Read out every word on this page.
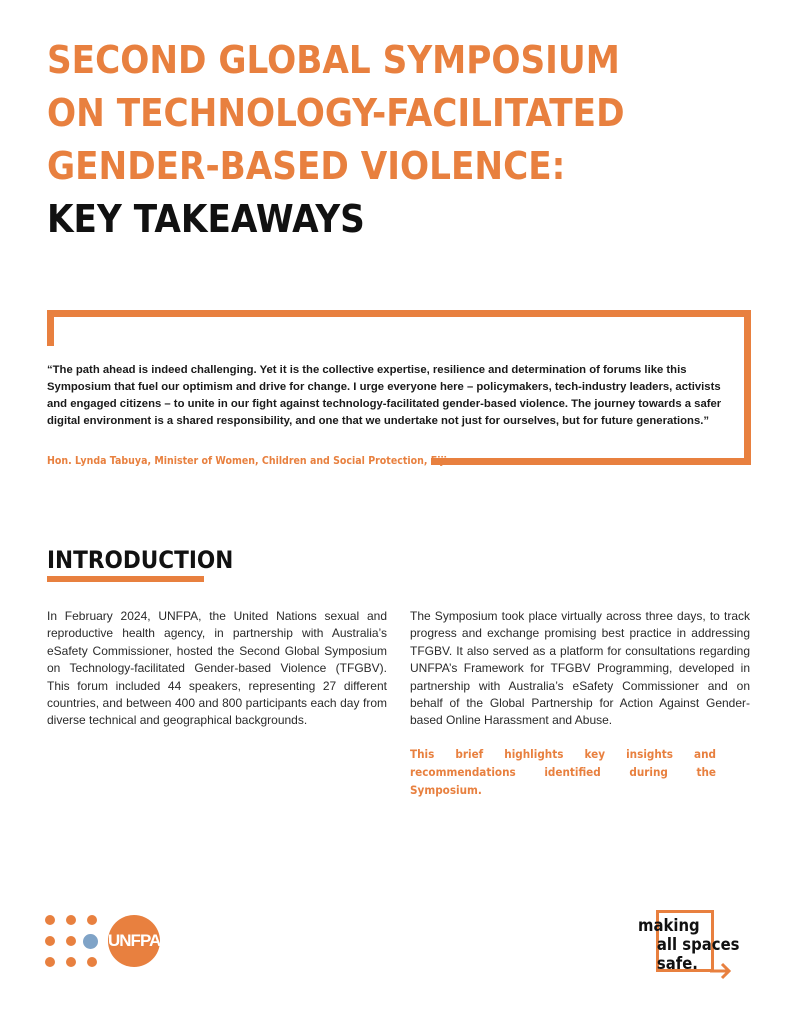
SECOND GLOBAL SYMPOSIUM
ON TECHNOLOGY-FACILITATED
GENDER-BASED VIOLENCE:
KEY TAKEAWAYS

“The path ahead is indeed challenging. Yet it is the collective expertise, resilience and determination of forums like this Symposium that fuel our optimism and drive for change. I urge everyone here – policymakers, tech-industry leaders, activists and engaged citizens – to unite in our fight against technology-facilitated gender-based violence. The journey towards a safer digital environment is a shared responsibility, and one that we undertake not just for ourselves, but for future generations.”

Hon. Lynda Tabuya, Minister of Women, Children and Social Protection, Fiji

INTRODUCTION

In February 2024, UNFPA, the United Nations sexual and reproductive health agency, in partnership with Australia’s eSafety Commissioner, hosted the Second Global Symposium on Technology-facilitated Gender-based Violence (TFGBV). This forum included 44 speakers, representing 27 different countries, and between 400 and 800 participants each day from diverse technical and geographical backgrounds.

The Symposium took place virtually across three days, to track progress and exchange promising best practice in addressing TFGBV. It also served as a platform for consultations regarding UNFPA’s Framework for TFGBV Programming, developed in partnership with Australia’s eSafety Commissioner and on behalf of the Global Partnership for Action Against Gender-based Online Harassment and Abuse.

This brief highlights key insights and recommendations identified during the Symposium.

UNFPA
making
all spaces
safe.
